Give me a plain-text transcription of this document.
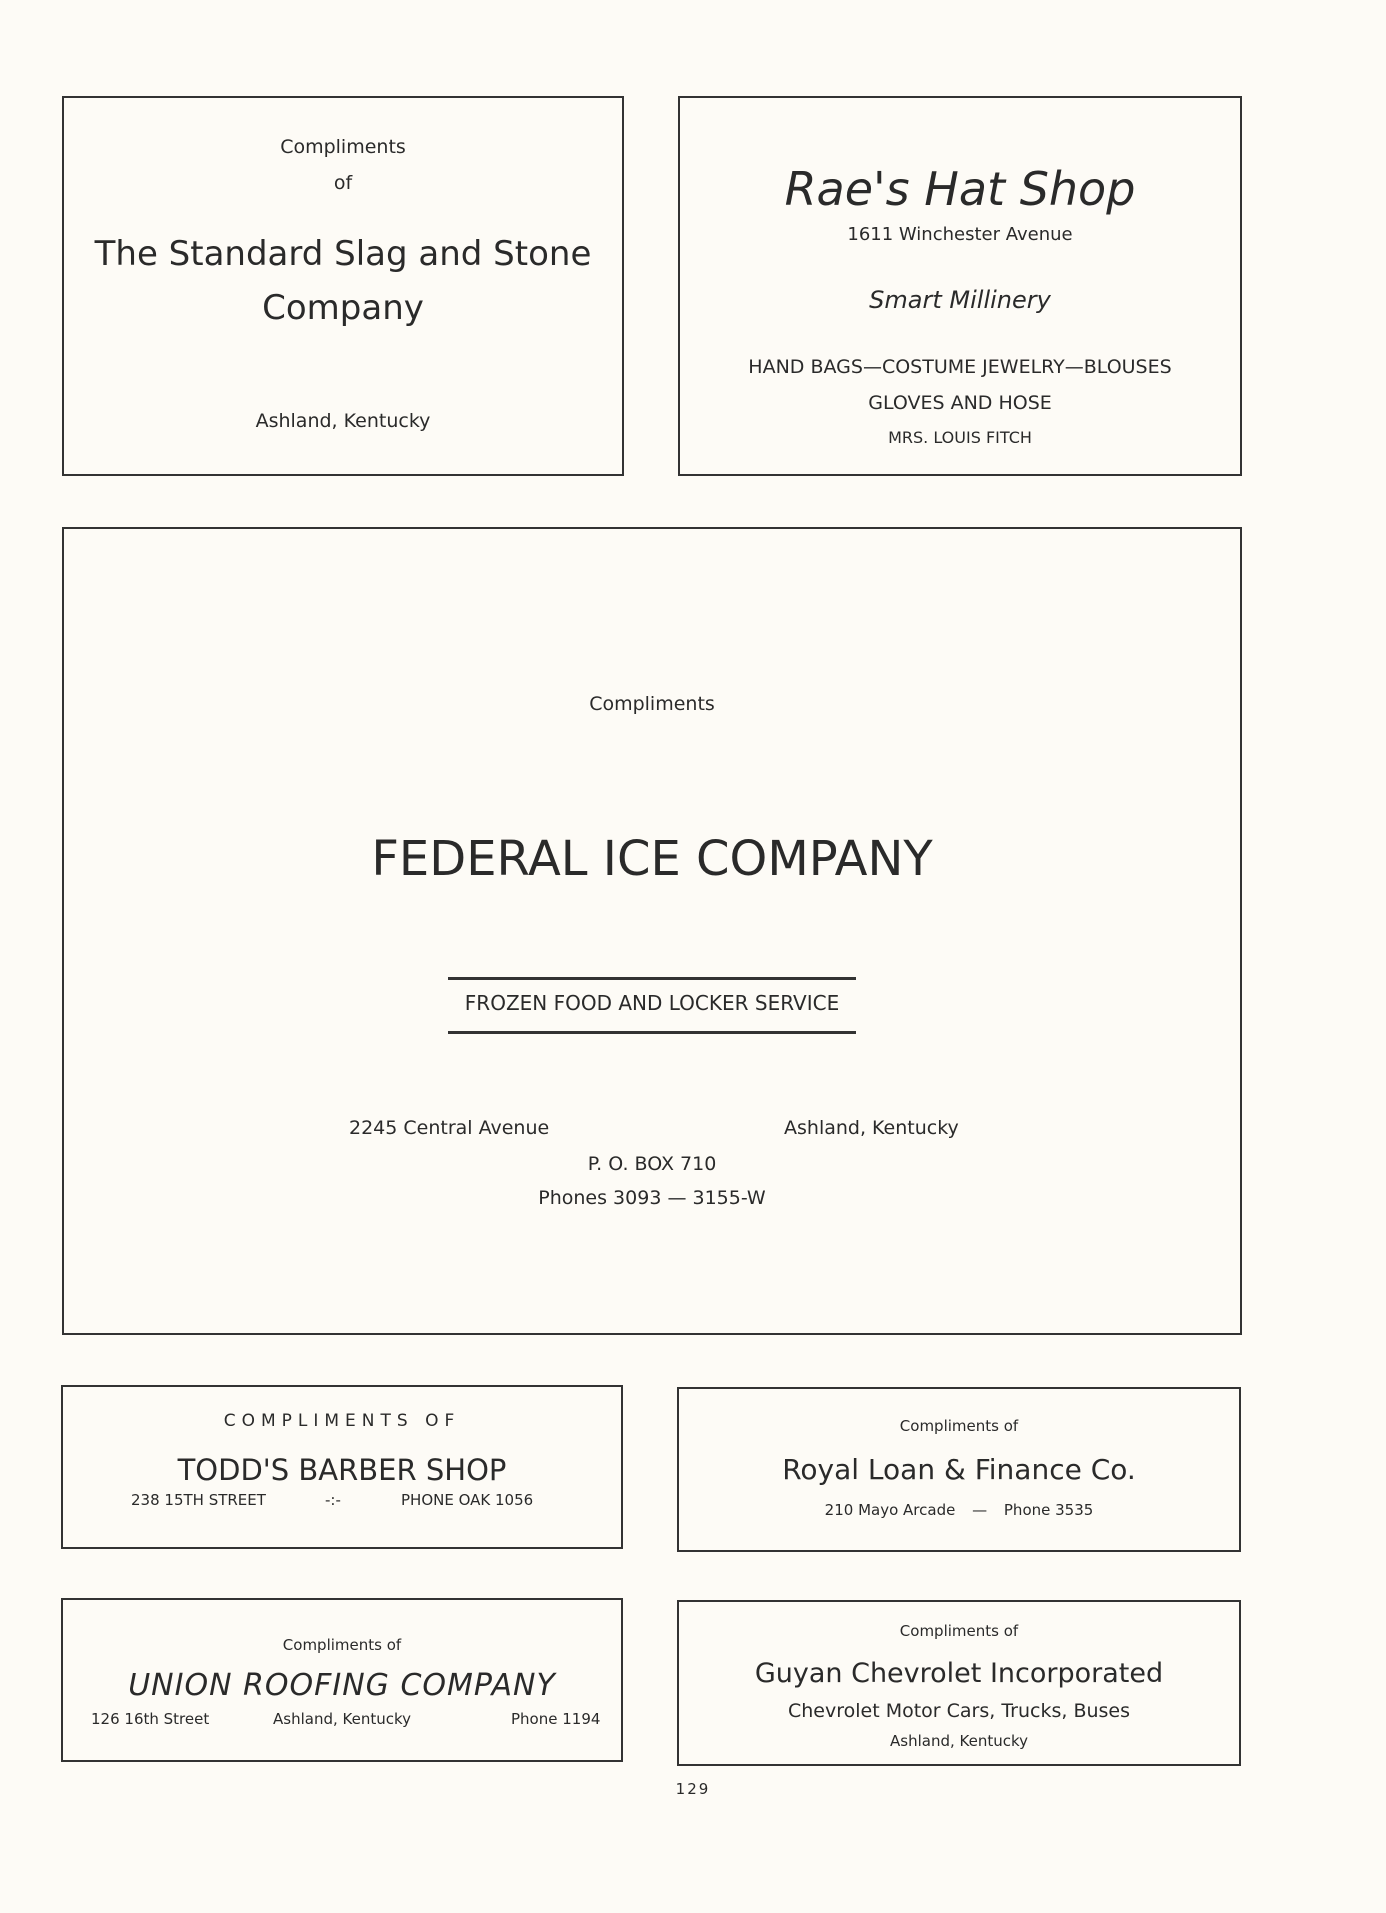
Compliments
of
The Standard Slag and Stone
Company
Ashland, Kentucky
Rae's Hat Shop
1611 Winchester Avenue
Smart Millinery
HAND BAGS—COSTUME JEWELRY—BLOUSES
GLOVES AND HOSE
MRS. LOUIS FITCH
Compliments
FEDERAL ICE COMPANY
FROZEN FOOD AND LOCKER SERVICE
2245 Central Avenue	Ashland, Kentucky
P. O. BOX 710
Phones 3093 — 3155-W
COMPLIMENTS OF
TODD'S BARBER SHOP
238 15TH STREET	-:-	PHONE OAK 1056
Compliments of
Royal Loan & Finance Co.
210 Mayo Arcade — Phone 3535
Compliments of
UNION ROOFING COMPANY
126 16th Street	Ashland, Kentucky	Phone 1194
Compliments of
Guyan Chevrolet Incorporated
Chevrolet Motor Cars, Trucks, Buses
Ashland, Kentucky
129
